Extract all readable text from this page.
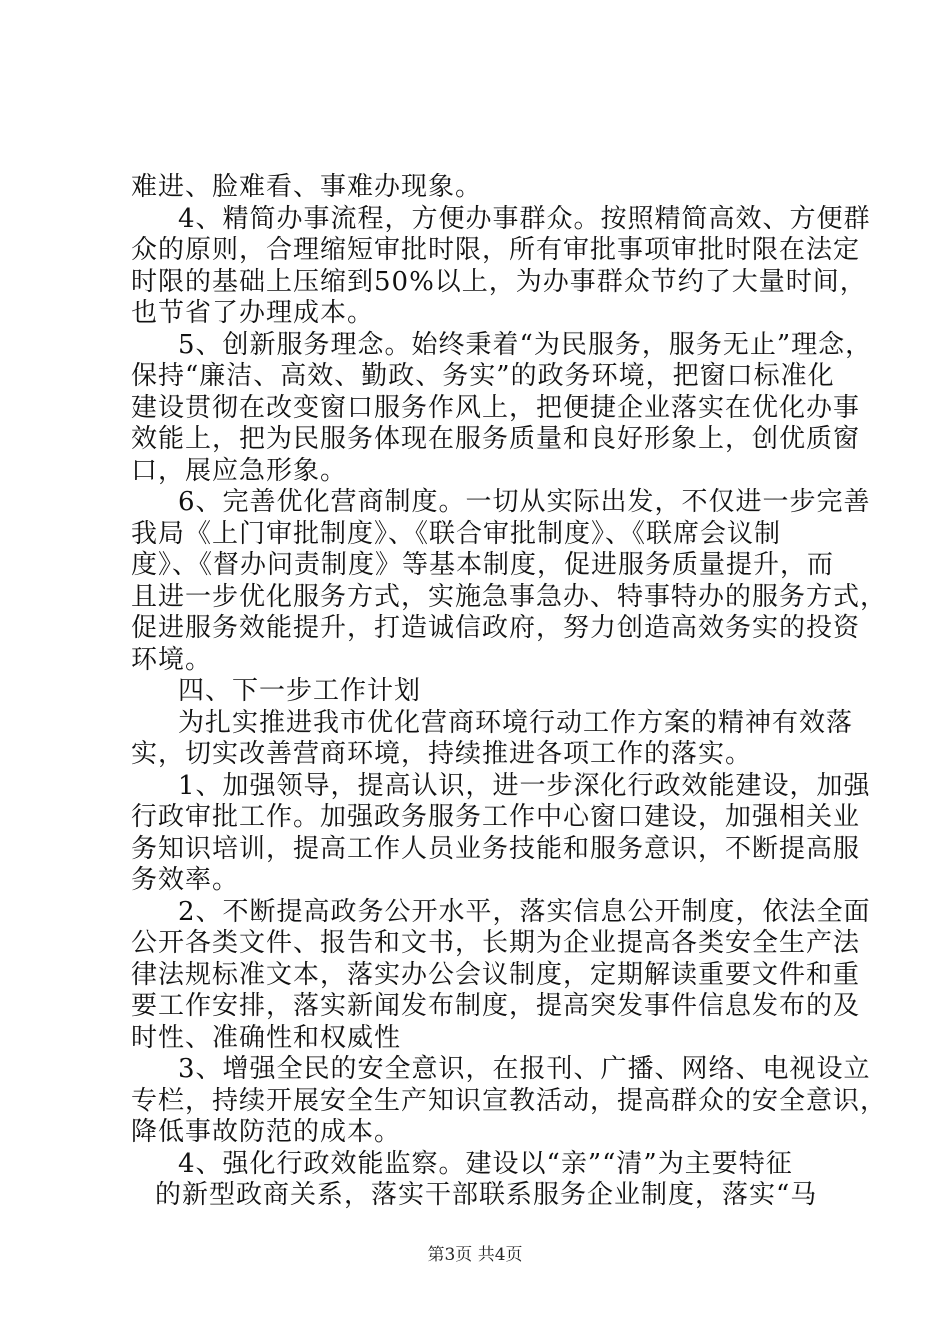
难进、脸难看、事难办现象。
4、精简办事流程，方便办事群众。按照精简高效、方便群
众的原则，合理缩短审批时限，所有审批事项审批时限在法定
时限的基础上压缩到50%以上，为办事群众节约了大量时间，
也节省了办理成本。
5、创新服务理念。始终秉着“为民服务，服务无止”理念，
保持“廉洁、高效、勤政、务实”的政务环境，把窗口标准化
建设贯彻在改变窗口服务作风上，把便捷企业落实在优化办事
效能上，把为民服务体现在服务质量和良好形象上，创优质窗
口，展应急形象。
6、完善优化营商制度。一切从实际出发，不仅进一步完善
我局《上门审批制度》、《联合审批制度》、《联席会议制
度》、《督办问责制度》等基本制度，促进服务质量提升，而
且进一步优化服务方式，实施急事急办、特事特办的服务方式，
促进服务效能提升，打造诚信政府，努力创造高效务实的投资
环境。
四、下一步工作计划
为扎实推进我市优化营商环境行动工作方案的精神有效落
实，切实改善营商环境，持续推进各项工作的落实。
1、加强领导，提高认识，进一步深化行政效能建设，加强
行政审批工作。加强政务服务工作中心窗口建设，加强相关业
务知识培训，提高工作人员业务技能和服务意识，不断提高服
务效率。
2、不断提高政务公开水平，落实信息公开制度，依法全面
公开各类文件、报告和文书，长期为企业提高各类安全生产法
律法规标准文本，落实办公会议制度，定期解读重要文件和重
要工作安排，落实新闻发布制度，提高突发事件信息发布的及
时性、准确性和权威性
3、增强全民的安全意识，在报刊、广播、网络、电视设立
专栏，持续开展安全生产知识宣教活动，提高群众的安全意识，
降低事故防范的成本。
4、强化行政效能监察。建设以“亲”“清”为主要特征
的新型政商关系，落实干部联系服务企业制度，落实“马
第3页 共4页
